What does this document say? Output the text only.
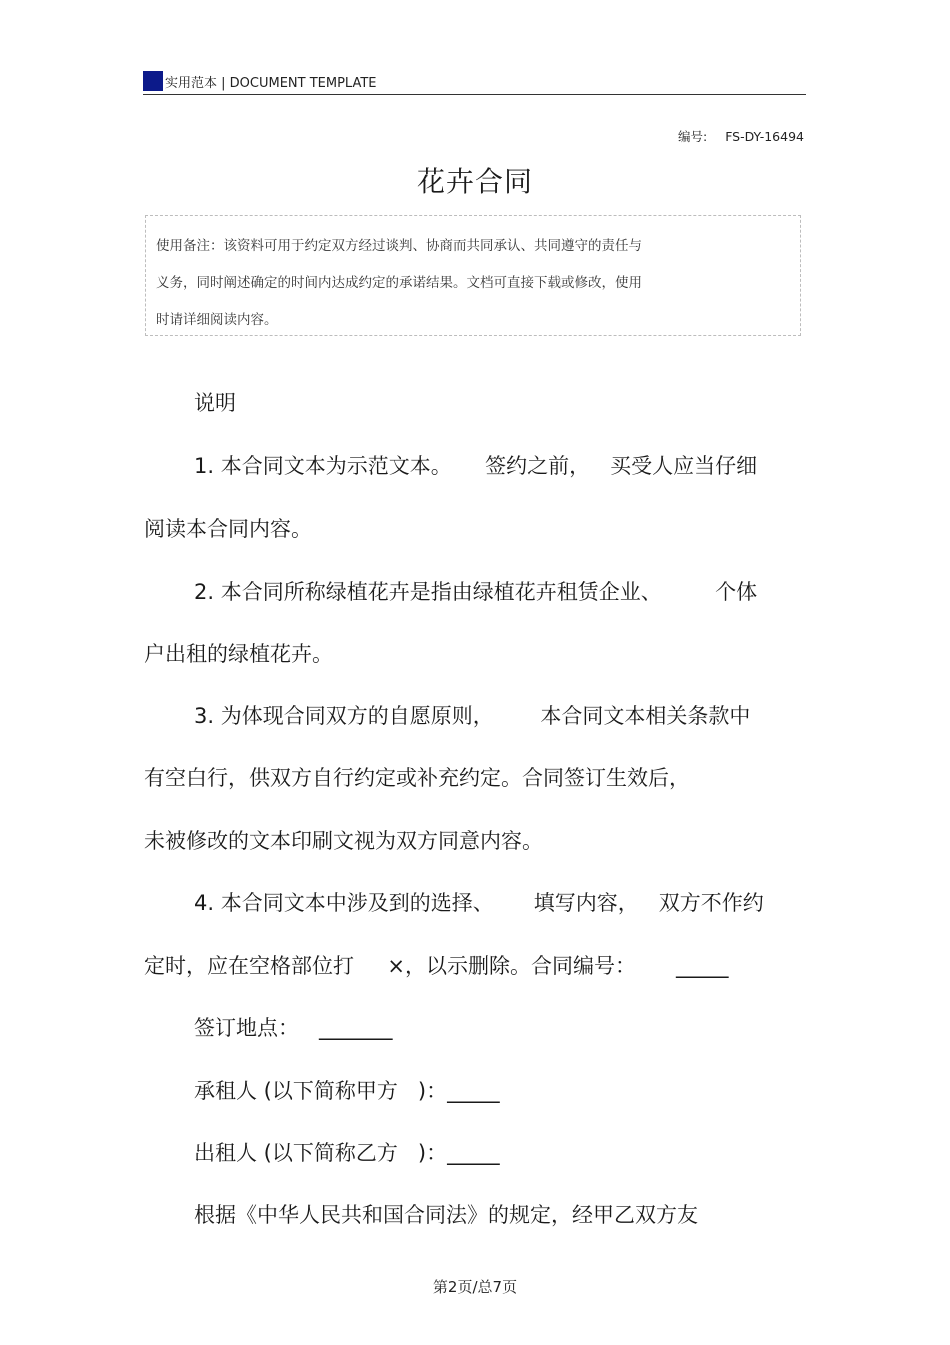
实用范本 | DOCUMENT TEMPLATE
编号: FS-DY-16494
花卉合同
使用备注：该资料可用于约定双方经过谈判、协商而共同承认、共同遵守的责任与
义务，同时阐述确定的时间内达成约定的承诺结果。文档可直接下载或修改，使用
时请详细阅读内容。
说明
1. 本合同文本为示范文本。     签约之前，   买受人应当仔细
阅读本合同内容。
2. 本合同所称绿植花卉是指由绿植花卉租赁企业、        个体
户出租的绿植花卉。
3. 为体现合同双方的自愿原则，       本合同文本相关条款中
有空白行，供双方自行约定或补充约定。合同签订生效后，
未被修改的文本印刷文视为双方同意内容。
4. 本合同文本中涉及到的选择、      填写内容，   双方不作约
定时，应在空格部位打     ×，以示删除。合同编号：      _____
签订地点：   _______
承租人 (以下简称甲方   )：_____
出租人 (以下简称乙方   )：_____
根据《中华人民共和国合同法》的规定，经甲乙双方友
第2页/总7页
